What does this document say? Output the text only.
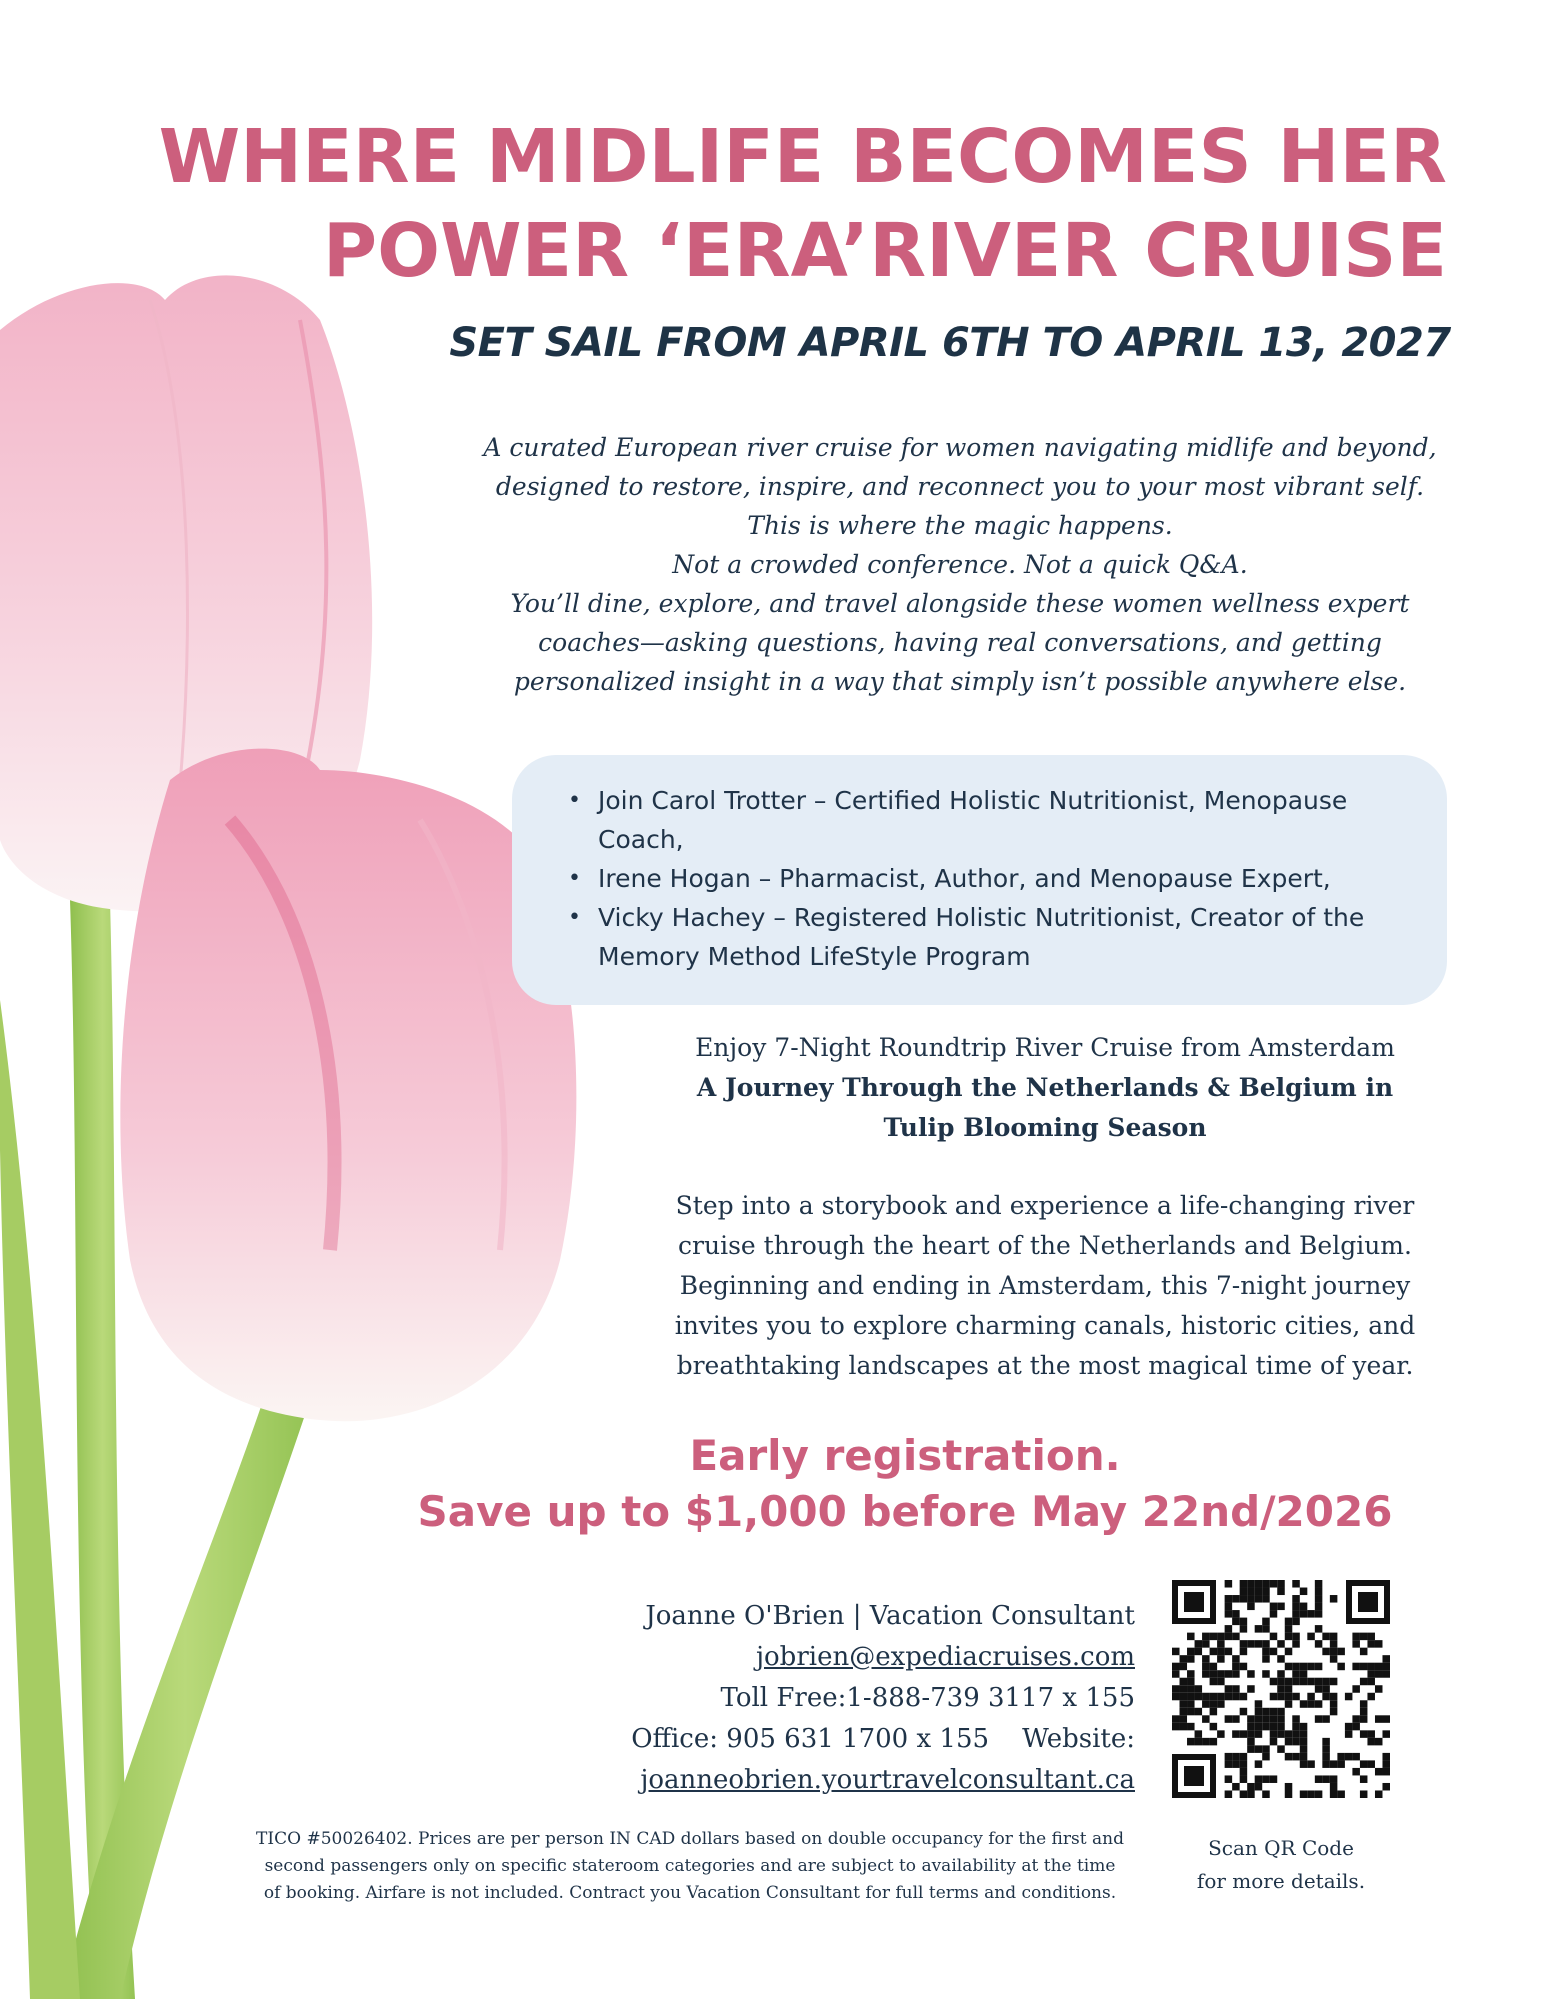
WHERE MIDLIFE BECOMES HER
POWER ‘ERA’RIVER CRUISE
SET SAIL FROM APRIL 6TH TO APRIL 13, 2027
A curated European river cruise for women navigating midlife and beyond,
designed to restore, inspire, and reconnect you to your most vibrant self.
This is where the magic happens.
Not a crowded conference. Not a quick Q&A.
You’ll dine, explore, and travel alongside these women wellness expert
coaches—asking questions, having real conversations, and getting
personalized insight in a way that simply isn’t possible anywhere else.
• Join Carol Trotter – Certified Holistic Nutritionist, Menopause
Coach,
• Irene Hogan – Pharmacist, Author, and Menopause Expert,
• Vicky Hachey – Registered Holistic Nutritionist, Creator of the
Memory Method LifeStyle Program
Enjoy 7-Night Roundtrip River Cruise from Amsterdam
A Journey Through the Netherlands & Belgium in
Tulip Blooming Season
Step into a storybook and experience a life-changing river
cruise through the heart of the Netherlands and Belgium.
Beginning and ending in Amsterdam, this 7-night journey
invites you to explore charming canals, historic cities, and
breathtaking landscapes at the most magical time of year.
Early registration.
Save up to $1,000 before May 22nd/2026
Joanne O'Brien | Vacation Consultant
jobrien@expediacruises.com
Toll Free:1-888-739 3117 x 155
Office: 905 631 1700 x 155    Website:
joanneobrien.yourtravelconsultant.ca
Scan QR Code
for more details.
TICO #50026402. Prices are per person IN CAD dollars based on double occupancy for the first and
second passengers only on specific stateroom categories and are subject to availability at the time
of booking. Airfare is not included. Contract you Vacation Consultant for full terms and conditions.
